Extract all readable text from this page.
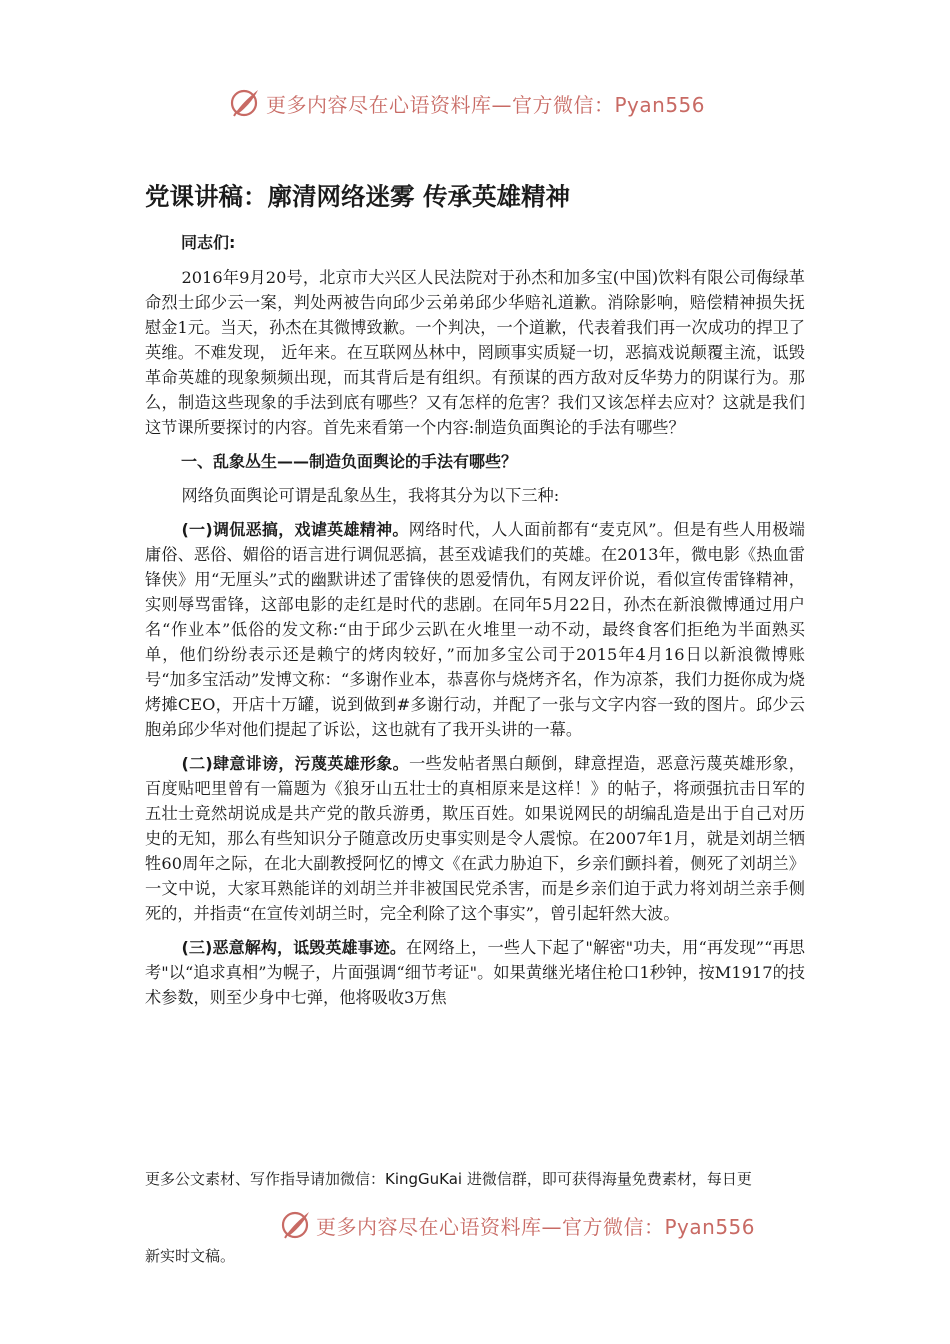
更多内容尽在心语资料库—官方微信：Pyan556
党课讲稿：廓清网络迷雾 传承英雄精神

同志们:

2016年9月20号，北京市大兴区人民法院对于孙杰和加多宝(中国)饮料有限公司侮绿革命烈士邱少云一案，判处两被告向邱少云弟弟邱少华赔礼道歉。消除影响，赔偿精神损失抚慰金1元。当天，孙杰在其微博致歉。一个判决，一个道歉，代表着我们再一次成功的捍卫了英维。不难发现， 近年来。在互联网丛林中，罔顾事实质疑一切，恶搞戏说颠覆主流，诋毁革命英雄的现象频频出现，而其背后是有组织。有预谋的西方敌对反华势力的阴谋行为。那么，制造这些现象的手法到底有哪些？又有怎样的危害？我们又该怎样去应对？这就是我们这节课所要探讨的内容。首先来看第一个内容:制造负面舆论的手法有哪些？

一、乱象丛生——制造负面舆论的手法有哪些？

网络负面舆论可谓是乱象丛生，我将其分为以下三种:

(一)调侃恶搞，戏谑英雄精神。网络时代，人人面前都有“麦克风”。但是有些人用极端庸俗、恶俗、媚俗的语言进行调侃恶搞，甚至戏谑我们的英雄。在2013年，微电影《热血雷锋侠》用“无厘头”式的幽默讲述了雷锋侠的恩爱情仇，有网友评价说，看似宣传雷锋精神，实则辱骂雷锋，这部电影的走红是时代的悲剧。在同年5月22日，孙杰在新浪微博通过用户名“作业本”低俗的发文称:“由于邱少云趴在火堆里一动不动，最终食客们拒绝为半面熟买单，他们纷纷表示还是赖宁的烤肉较好，”而加多宝公司于2015年4月16日以新浪微博账号“加多宝活动”发博文称：“多谢作业本，恭喜你与烧烤齐名，作为凉茶，我们力挺你成为烧烤摊CEO，开店十万罐，说到做到#多谢行动，并配了一张与文字内容一致的图片。邱少云胞弟邱少华对他们提起了诉讼，这也就有了我开头讲的一幕。

(二)肆意诽谤，污蔑英雄形象。一些发帖者黑白颠倒，肆意捏造，恶意污蔑英雄形象，百度贴吧里曾有一篇题为《狼牙山五壮士的真相原来是这样！》的帖子，将顽强抗击日军的五壮士竟然胡说成是共产党的散兵游勇，欺压百姓。如果说网民的胡编乱造是出于自己对历史的无知，那么有些知识分子随意改历史事实则是令人震惊。在2007年1月，就是刘胡兰牺牲60周年之际，在北大副教授阿忆的博文《在武力胁迫下，乡亲们颤抖着，侧死了刘胡兰》一文中说，大家耳熟能详的刘胡兰并非被国民党杀害，而是乡亲们迫于武力将刘胡兰亲手侧死的，并指责“在宣传刘胡兰时，完全利除了这个事实”，曾引起轩然大波。

(三)恶意解构，诋毁英雄事迹。在网络上，一些人下起了"解密"功夫，用“再发现”“再思考"以“追求真相”为幌子，片面强调“细节考证"。如果黄继光堵住枪口1秒钟，按M1917的技术参数，则至少身中七弹，他将吸收3万焦

更多公文素材、写作指导请加微信：KingGuKai 进微信群，即可获得海量免费素材，每日更
更多内容尽在心语资料库—官方微信：Pyan556
新实时文稿。
